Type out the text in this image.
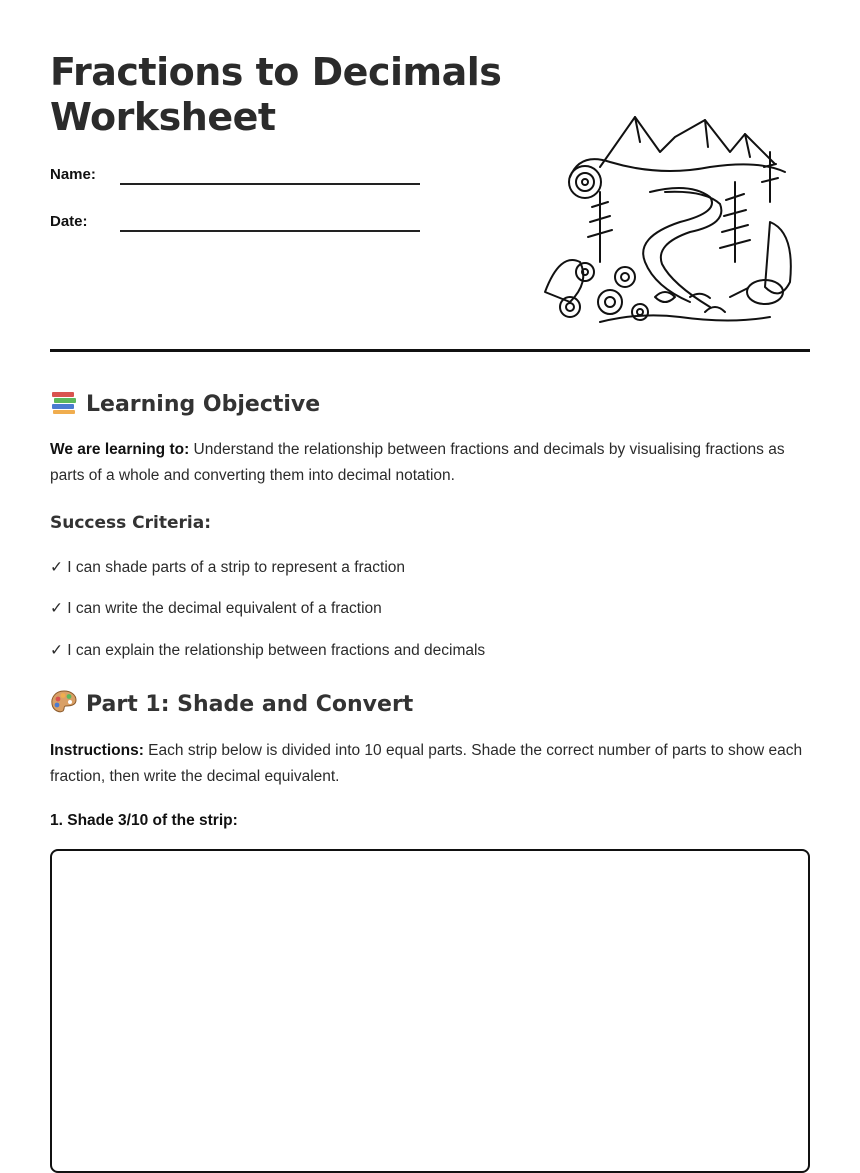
Fractions to Decimals Worksheet
Name:
Date:
Learning Objective

We are learning to: Understand the relationship between fractions and decimals by visualising fractions as parts of a whole and converting them into decimal notation.

Success Criteria:
✓ I can shade parts of a strip to represent a fraction
✓ I can write the decimal equivalent of a fraction
✓ I can explain the relationship between fractions and decimals
Part 1: Shade and Convert

Instructions: Each strip below is divided into 10 equal parts. Shade the correct number of parts to show each fraction, then write the decimal equivalent.

1. Shade 3/10 of the strip:
